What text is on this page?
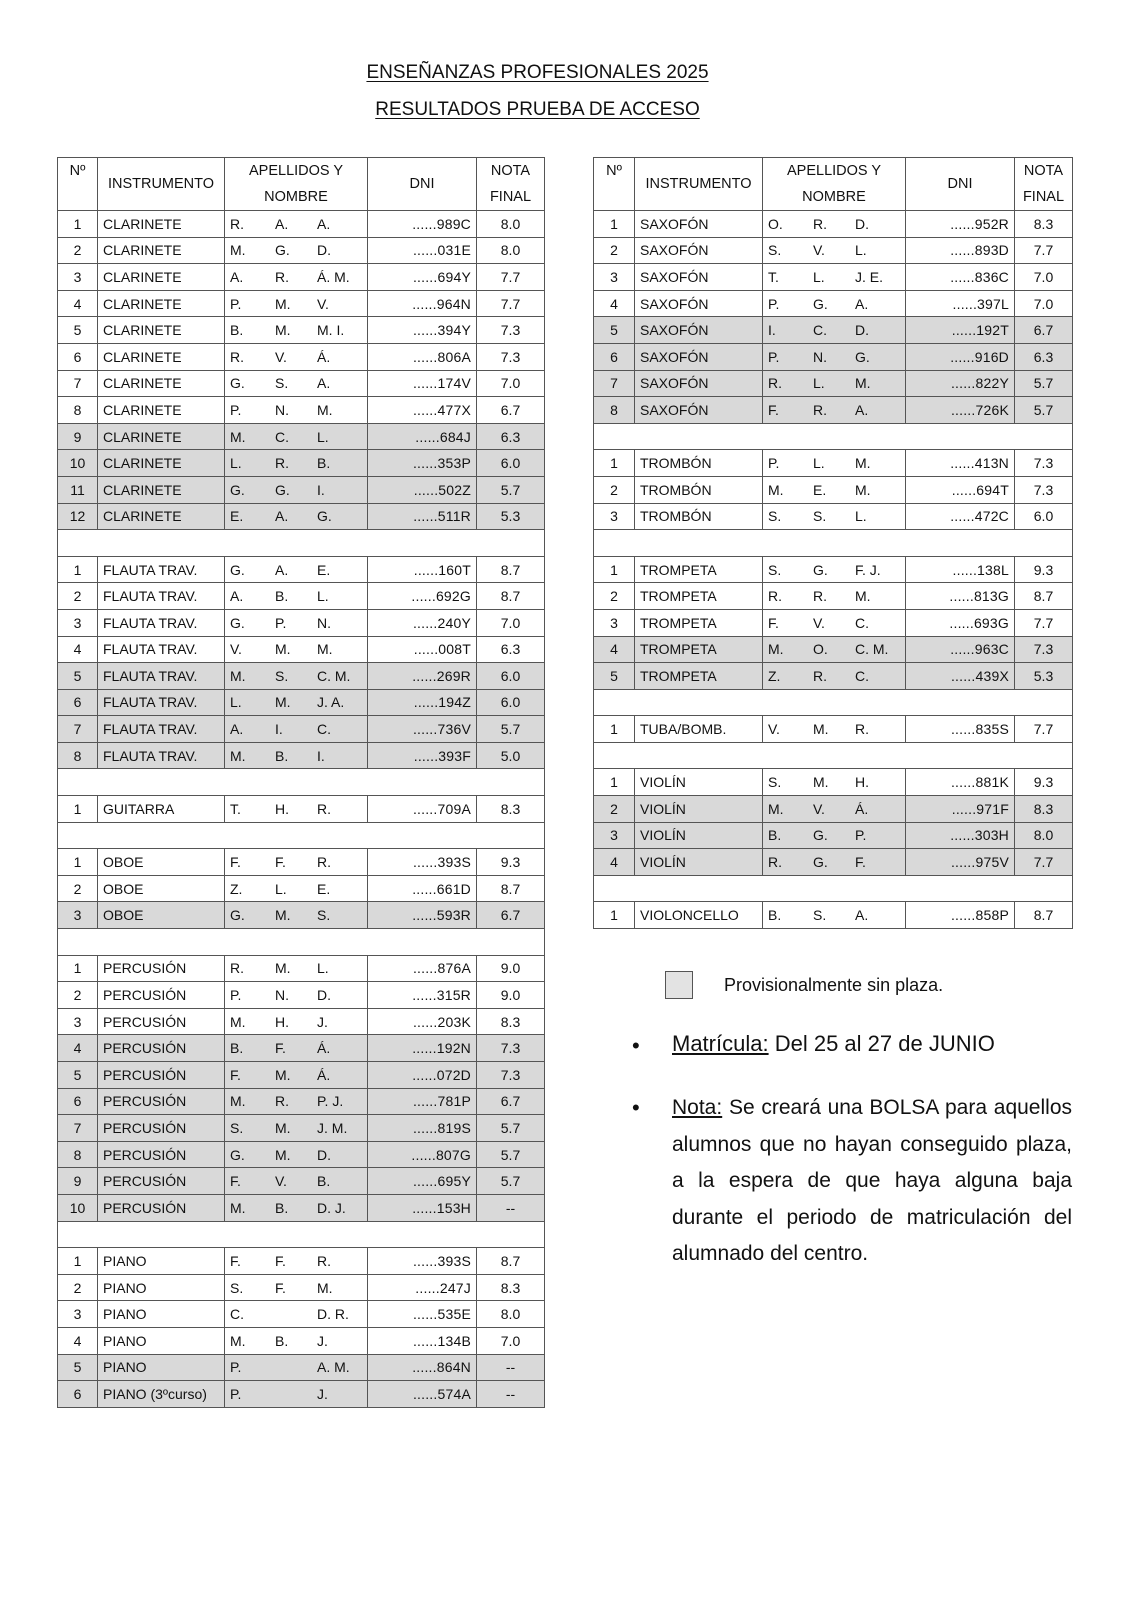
ENSEÑANZAS PROFESIONALES 2025
RESULTADOS PRUEBA DE ACCESO
Nº	INSTRUMENTO	APELLIDOS Y
NOMBRE	DNI	NOTA
FINAL

1	CLARINETE	R. A. A.	......989C	8.0
2	CLARINETE	M. G. D.	......031E	8.0
3	CLARINETE	A. R. Á. M.	......694Y	7.7
4	CLARINETE	P. M. V.	......964N	7.7
5	CLARINETE	B. M. M. I.	......394Y	7.3
6	CLARINETE	R. V. Á.	......806A	7.3
7	CLARINETE	G. S. A.	......174V	7.0
8	CLARINETE	P. N. M.	......477X	6.7
9	CLARINETE	M. C. L.	......684J	6.3
10	CLARINETE	L. R. B.	......353P	6.0
11	CLARINETE	G. G. I.	......502Z	5.7
12	CLARINETE	E. A. G.	......511R	5.3

1	FLAUTA TRAV.	G. A. E.	......160T	8.7
2	FLAUTA TRAV.	A. B. L.	......692G	8.7
3	FLAUTA TRAV.	G. P. N.	......240Y	7.0
4	FLAUTA TRAV.	V. M. M.	......008T	6.3
5	FLAUTA TRAV.	M. S. C. M.	......269R	6.0
6	FLAUTA TRAV.	L. M. J. A.	......194Z	6.0
7	FLAUTA TRAV.	A. I. C.	......736V	5.7
8	FLAUTA TRAV.	M. B. I.	......393F	5.0

1	GUITARRA	T. H. R.	......709A	8.3

1	OBOE	F. F. R.	......393S	9.3
2	OBOE	Z. L. E.	......661D	8.7
3	OBOE	G. M. S.	......593R	6.7

1	PERCUSIÓN	R. M. L.	......876A	9.0
2	PERCUSIÓN	P. N. D.	......315R	9.0
3	PERCUSIÓN	M. H. J.	......203K	8.3
4	PERCUSIÓN	B. F. Á.	......192N	7.3
5	PERCUSIÓN	F. M. Á.	......072D	7.3
6	PERCUSIÓN	M. R. P. J.	......781P	6.7
7	PERCUSIÓN	S. M. J. M.	......819S	5.7
8	PERCUSIÓN	G. M. D.	......807G	5.7
9	PERCUSIÓN	F. V. B.	......695Y	5.7
10	PERCUSIÓN	M. B. D. J.	......153H	--

1	PIANO	F. F. R.	......393S	8.7
2	PIANO	S. F. M.	......247J	8.3
3	PIANO	C. D. R.	......535E	8.0
4	PIANO	M. B. J.	......134B	7.0
5	PIANO	P. A. M.	......864N	--
6	PIANO (3ºcurso)	P. J.	......574A	--
Nº	INSTRUMENTO	APELLIDOS Y
NOMBRE	DNI	NOTA
FINAL

1	SAXOFÓN	O. R. D.	......952R	8.3
2	SAXOFÓN	S. V. L.	......893D	7.7
3	SAXOFÓN	T. L. J. E.	......836C	7.0
4	SAXOFÓN	P. G. A.	......397L	7.0
5	SAXOFÓN	I. C. D.	......192T	6.7
6	SAXOFÓN	P. N. G.	......916D	6.3
7	SAXOFÓN	R. L. M.	......822Y	5.7
8	SAXOFÓN	F. R. A.	......726K	5.7

1	TROMBÓN	P. L. M.	......413N	7.3
2	TROMBÓN	M. E. M.	......694T	7.3
3	TROMBÓN	S. S. L.	......472C	6.0

1	TROMPETA	S. G. F. J.	......138L	9.3
2	TROMPETA	R. R. M.	......813G	8.7
3	TROMPETA	F. V. C.	......693G	7.7
4	TROMPETA	M. O. C. M.	......963C	7.3
5	TROMPETA	Z. R. C.	......439X	5.3

1	TUBA/BOMB.	V. M. R.	......835S	7.7

1	VIOLÍN	S. M. H.	......881K	9.3
2	VIOLÍN	M. V. Á.	......971F	8.3
3	VIOLÍN	B. G. P.	......303H	8.0
4	VIOLÍN	R. G. F.	......975V	7.7

1	VIOLONCELLO	B. S. A.	......858P	8.7
Provisionalmente sin plaza.
• Matrícula: Del 25 al 27 de JUNIO
• Nota: Se creará una BOLSA para aquellos alumnos que no hayan conseguido plaza, a la espera de que haya alguna baja durante el periodo de matriculación del alumnado del centro.
